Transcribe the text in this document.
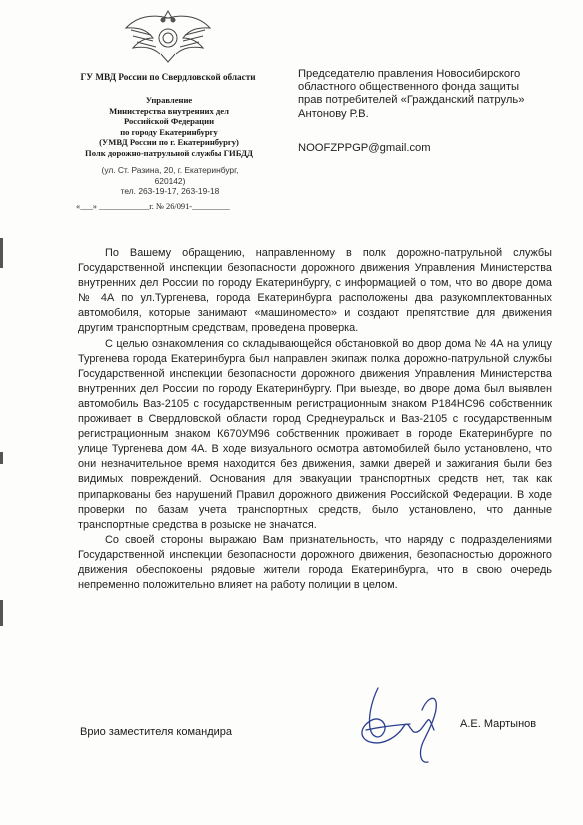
ГУ МВД России по Свердловской области
Управление
Министерства внутренних дел
Российской Федерации
по городу Екатеринбургу
(УМВД России по г. Екатеринбургу)
Полк дорожно-патрульной службы ГИБДД
(ул. Ст. Разина, 20, г. Екатеринбург, 620142)
тел. 263-19-17, 263-19-18
«___» ____________г. № 26/091-_________
Председателю правления Новосибирского
областного общественного фонда защиты
прав потребителей «Гражданский патруль»
Антонову Р.В.
NOOFZPPGP@gmail.com

По Вашему обращению, направленному в полк дорожно-патрульной службы Государственной инспекции безопасности дорожного движения Управления Министерства внутренних дел России по городу Екатеринбургу, с информацией о том, что во дворе дома № 4А по ул.Тургенева, города Екатеринбурга расположены два разукомплектованных автомобиля, которые занимают «машиноместо» и создают препятствие для движения другим транспортным средствам, проведена проверка.

С целью ознакомления со складывающейся обстановкой во двор дома № 4А на улицу Тургенева города Екатеринбурга был направлен экипаж полка дорожно-патрульной службы Государственной инспекции безопасности дорожного движения Управления Министерства внутренних дел России по городу Екатеринбургу. При выезде, во дворе дома был выявлен автомобиль Ваз-2105 с государственным регистрационным знаком Р184НС96 собственник проживает в Свердловской области город Среднеуральск и Ваз-2105 с государственным регистрационным знаком К670УМ96 собственник проживает в городе Екатеринбурге по улице Тургенева дом 4А. В ходе визуального осмотра автомобилей было установлено, что они незначительное время находится без движения, замки дверей и зажигания были без видимых повреждений. Основания для эвакуации транспортных средств нет, так как припаркованы без нарушений Правил дорожного движения Российской Федерации. В ходе проверки по базам учета транспортных средств, было установлено, что данные транспортные средства в розыске не значатся.

Со своей стороны выражаю Вам признательность, что наряду с подразделениями Государственной инспекции безопасности дорожного движения, безопасностью дорожного движения обеспокоены рядовые жители города Екатеринбурга, что в свою очередь непременно положительно влияет на работу полиции в целом.

Врио заместителя командира
А.Е. Мартынов
